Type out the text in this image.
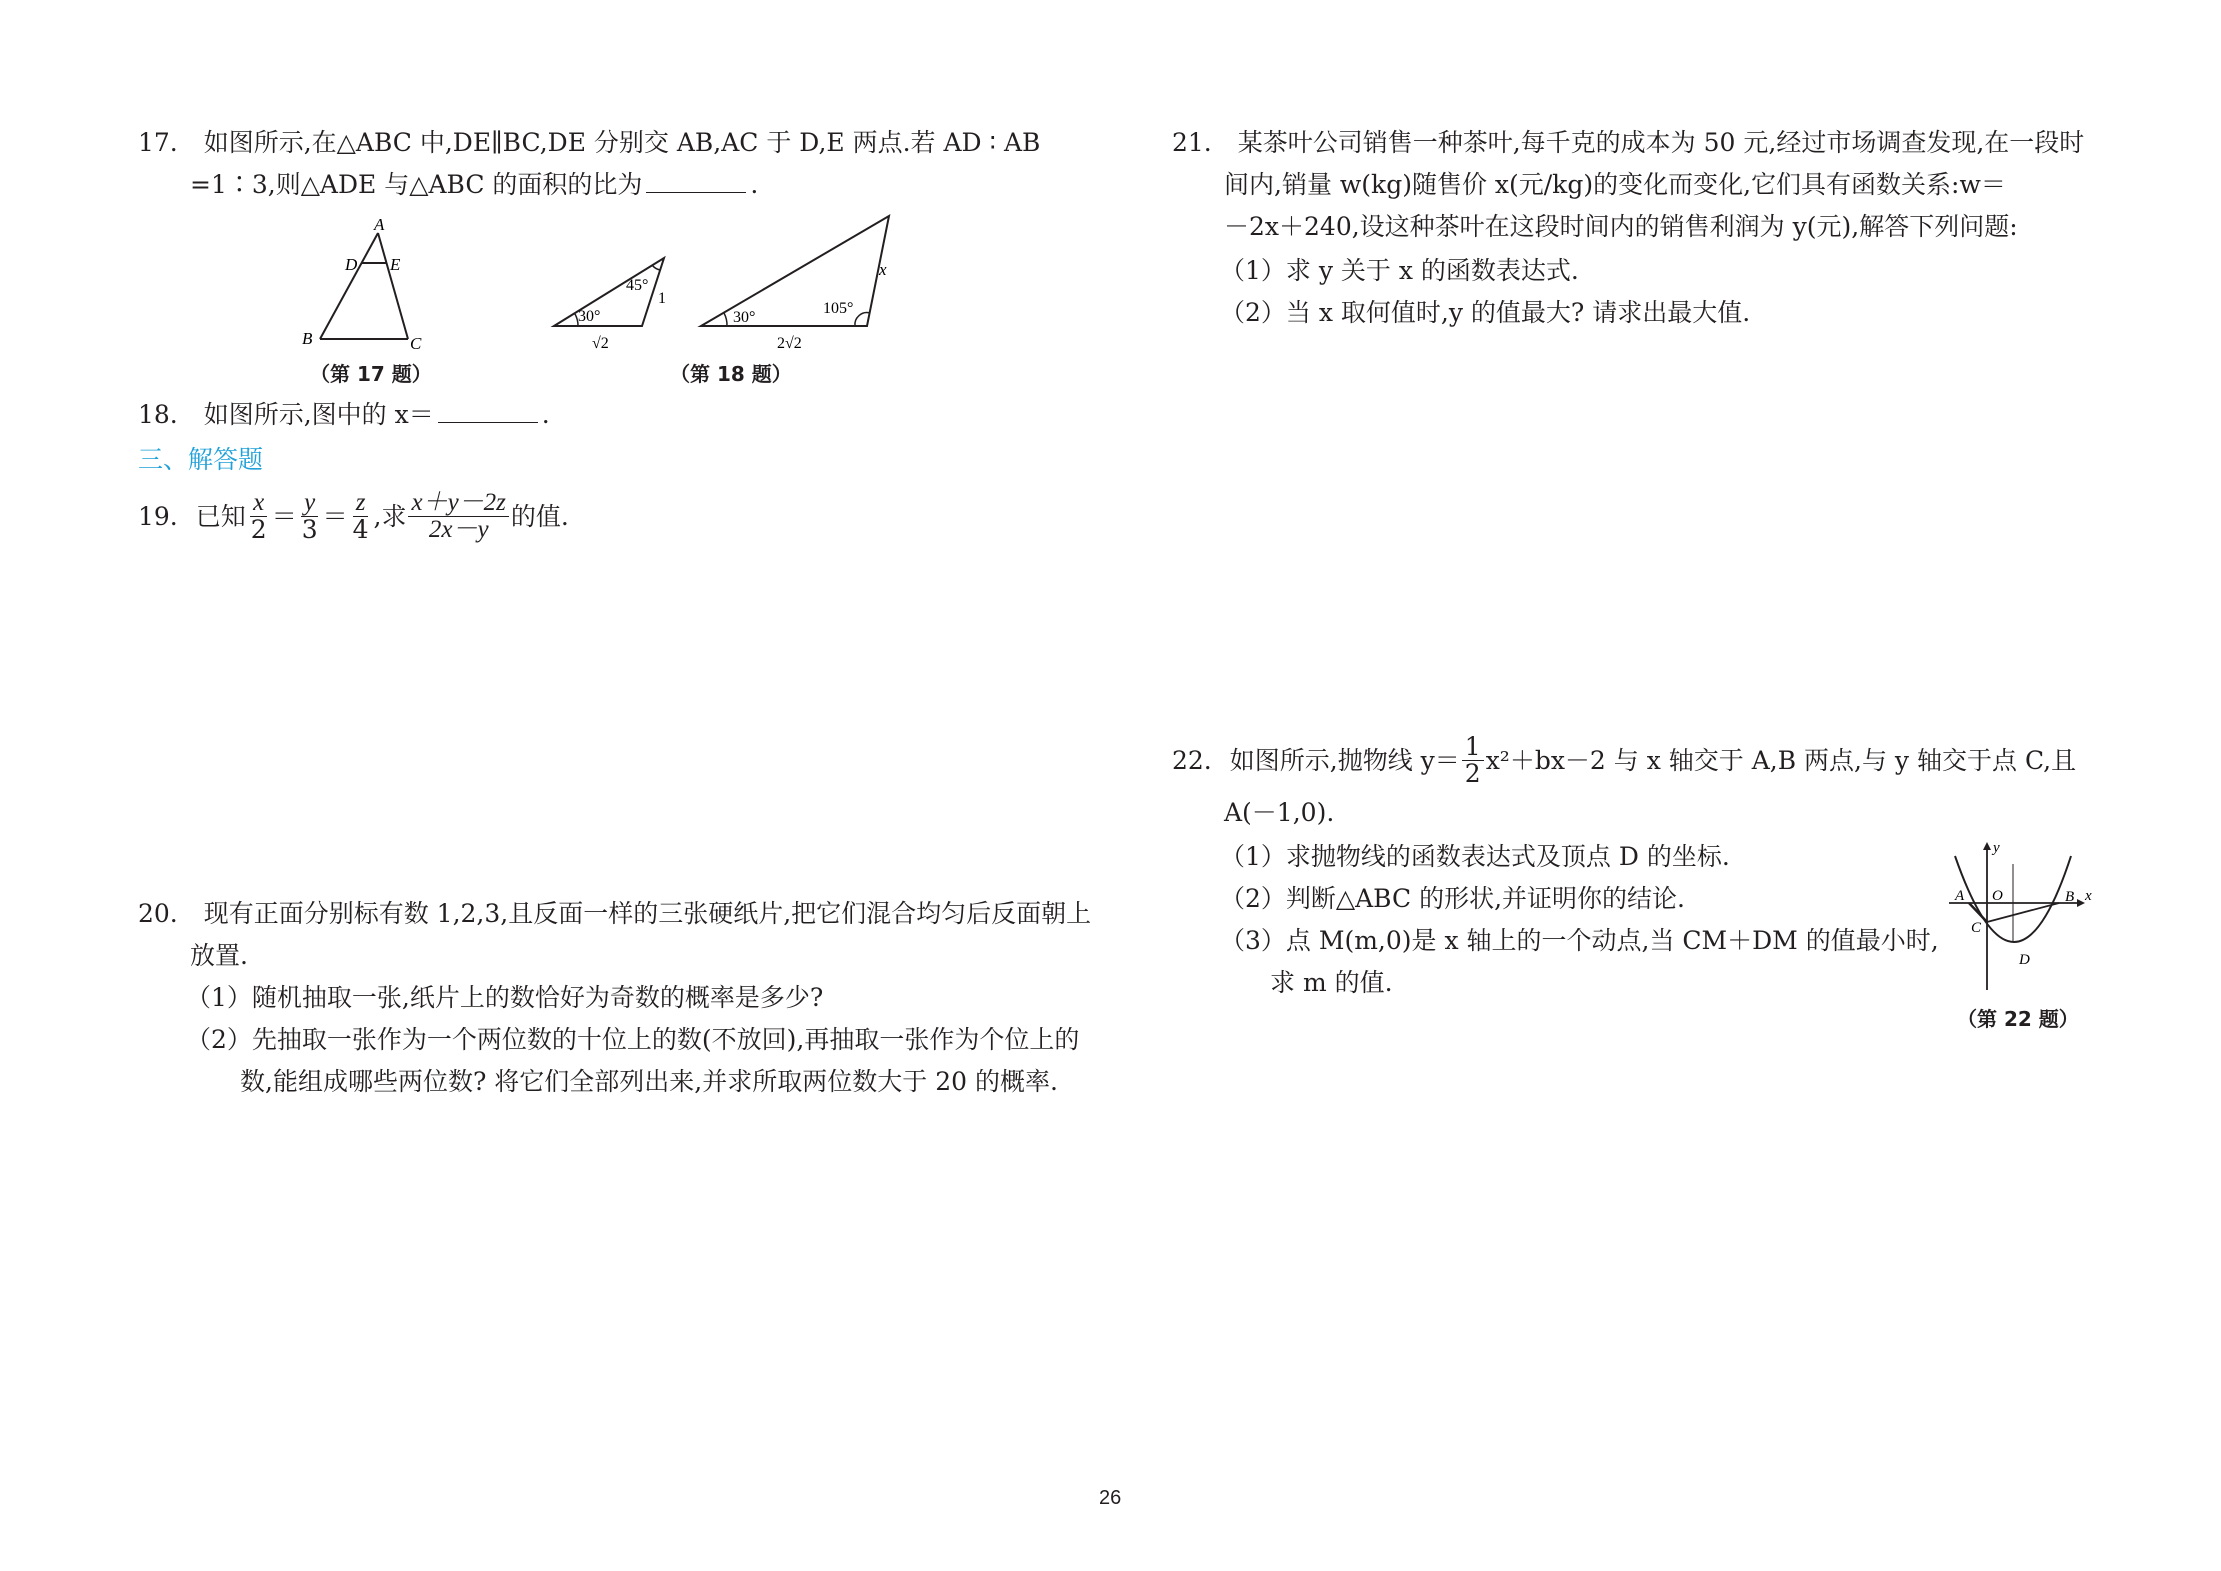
17. 如图所示,在△ABC 中,DE∥BC,DE 分别交 AB,AC 于 D,E 两点.若 AD ∶ AB
=1∶3,则△ADE 与△ABC 的面积的比为	.
A
D E
B	C
（第 17 题）
30°
45°
1
√2
30°
105°
x
2√2
（第 18 题）
18. 如图所示,图中的 x＝	.
三、解答题
19. 已知 $\frac{x}{2} = \frac{y}{3} = \frac{z}{4}$ ,求 $\frac{x+y-2z}{2x-y}$ 的值.
20. 现有正面分别标有数 1,2,3,且反面一样的三张硬纸片,把它们混合均匀后反面朝上
放置.
（1）随机抽取一张,纸片上的数恰好为奇数的概率是多少?
（2）先抽取一张作为一个两位数的十位上的数(不放回),再抽取一张作为个位上的
数,能组成哪些两位数? 将它们全部列出来,并求所取两位数大于 20 的概率.
21. 某茶叶公司销售一种茶叶,每千克的成本为 50 元,经过市场调查发现,在一段时
间内,销量 w(kg)随售价 x(元/kg)的变化而变化,它们具有函数关系:w＝
－2x＋240,设这种茶叶在这段时间内的销售利润为 y(元),解答下列问题:
（1）求 y 关于 x 的函数表达式.
（2）当 x 取何值时,y 的值最大? 请求出最大值.
22. 如图所示,抛物线 $y= \frac{1}{2} x^2+bx-2$ 与 x 轴交于 A,B 两点,与 y 轴交于点 C,且
A(－1,0).
（1）求抛物线的函数表达式及顶点 D 的坐标.
（2）判断△ABC 的形状,并证明你的结论.
（3）点 M(m,0)是 x 轴上的一个动点,当 CM＋DM 的值最小时,
求 m 的值.
y
x
A O	B
C
D
（第 22 题）
26
